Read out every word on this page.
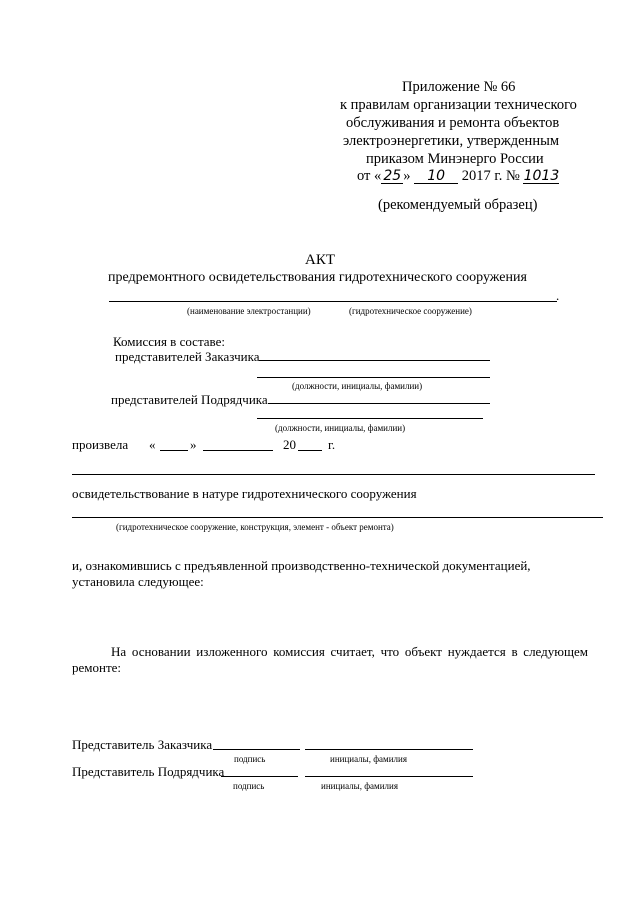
Приложение № 66
к правилам организации технического
обслуживания и ремонта объектов
электроэнергетики, утвержденным
приказом Минэнерго России
от « 25 » 10 2017 г. № 1013
(рекомендуемый образец)
АКТ
предремонтного освидетельствования гидротехнического сооружения
.
(наименование электростанции)	(гидротехническое сооружение)
Комиссия в составе:
представителей Заказчика
(должности, инициалы, фамилии)
представителей Подрядчика
(должности, инициалы, фамилии)
произвела «	»	20 г.
освидетельствование в натуре гидротехнического сооружения
(гидротехническое сооружение, конструкция, элемент - объект ремонта)
и, ознакомившись с предъявленной производственно-технической документацией,
установила следующее:
На основании изложенного комиссия считает, что объект нуждается в следующем
ремонте:
Представитель Заказчика
подпись	инициалы, фамилия
Представитель Подрядчика
подпись	инициалы, фамилия
